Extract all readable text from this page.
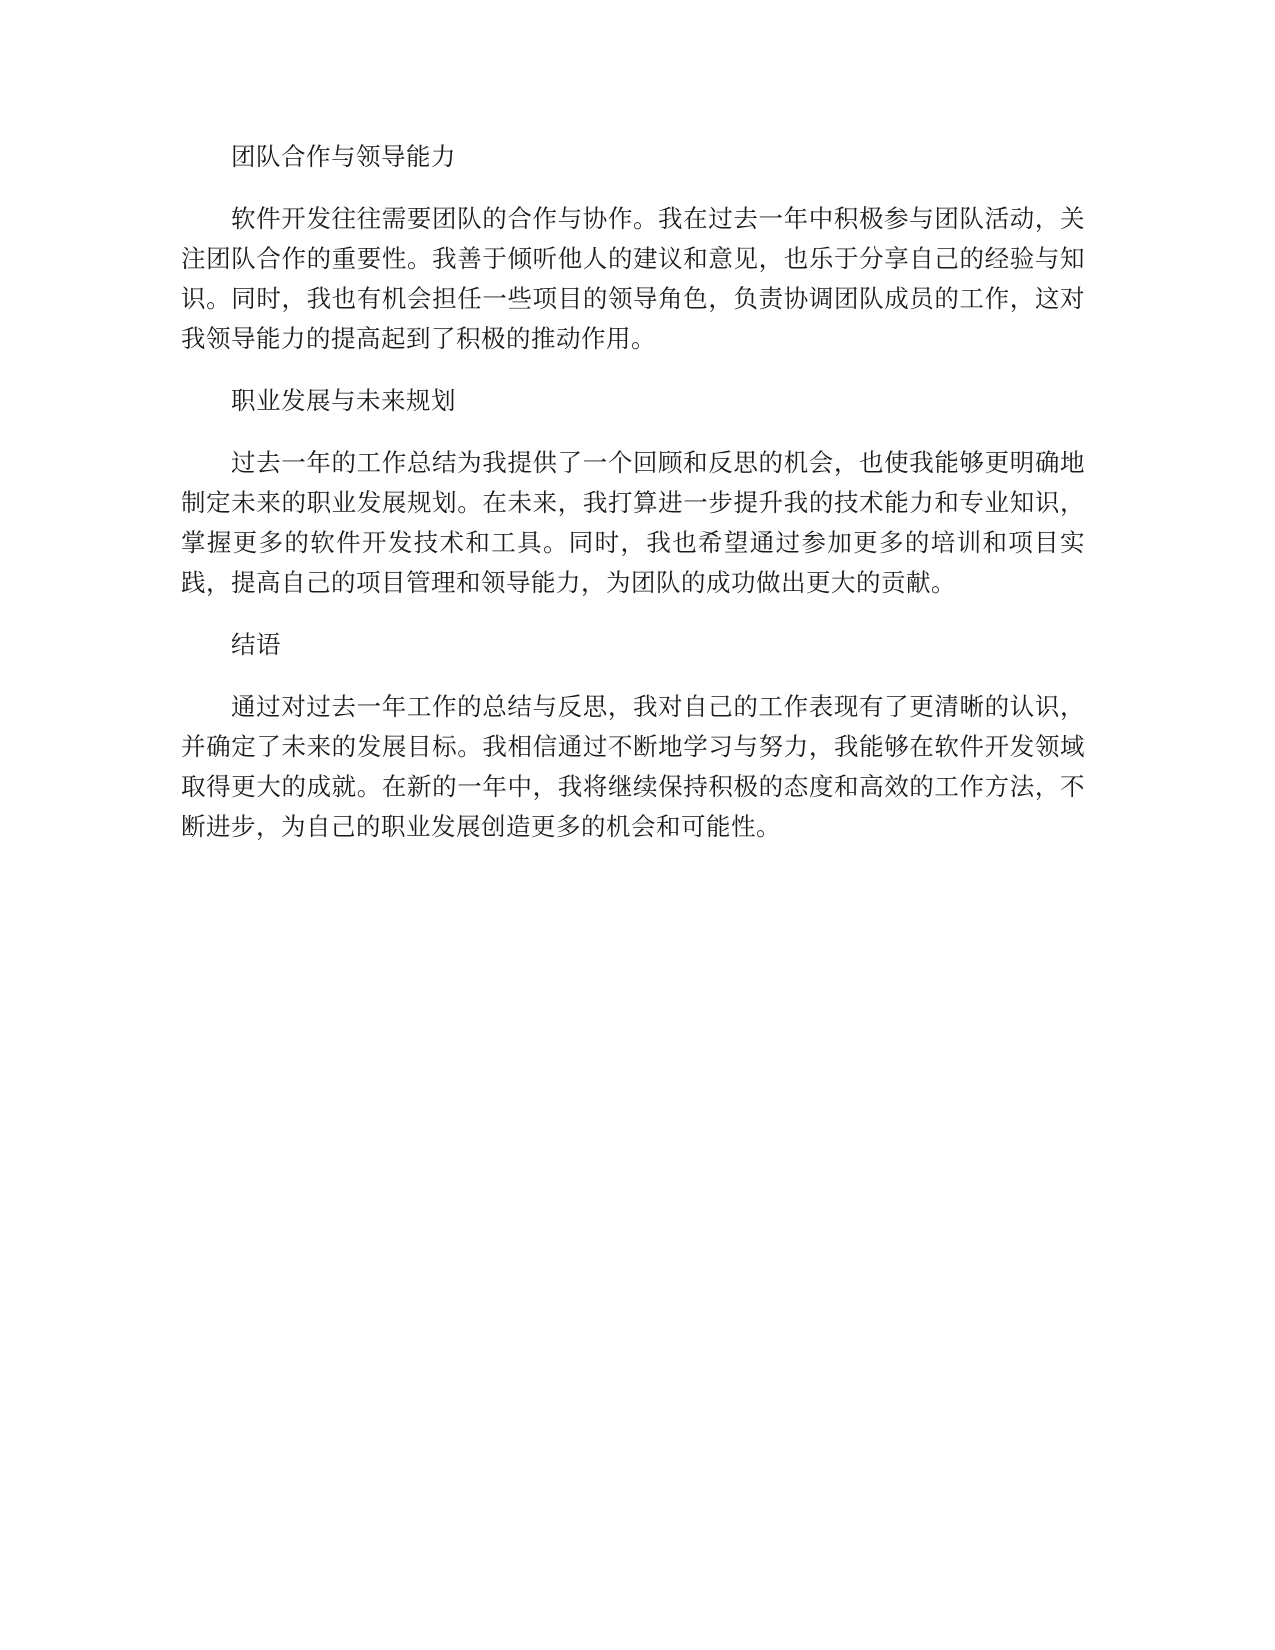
团队合作与领导能力
软件开发往往需要团队的合作与协作。我在过去一年中积极参与团队活动，关
注团队合作的重要性。我善于倾听他人的建议和意见，也乐于分享自己的经验与知
识。同时，我也有机会担任一些项目的领导角色，负责协调团队成员的工作，这对
我领导能力的提高起到了积极的推动作用。
职业发展与未来规划
过去一年的工作总结为我提供了一个回顾和反思的机会，也使我能够更明确地
制定未来的职业发展规划。在未来，我打算进一步提升我的技术能力和专业知识，
掌握更多的软件开发技术和工具。同时，我也希望通过参加更多的培训和项目实
践，提高自己的项目管理和领导能力，为团队的成功做出更大的贡献。
结语
通过对过去一年工作的总结与反思，我对自己的工作表现有了更清晰的认识，
并确定了未来的发展目标。我相信通过不断地学习与努力，我能够在软件开发领域
取得更大的成就。在新的一年中，我将继续保持积极的态度和高效的工作方法，不
断进步，为自己的职业发展创造更多的机会和可能性。
